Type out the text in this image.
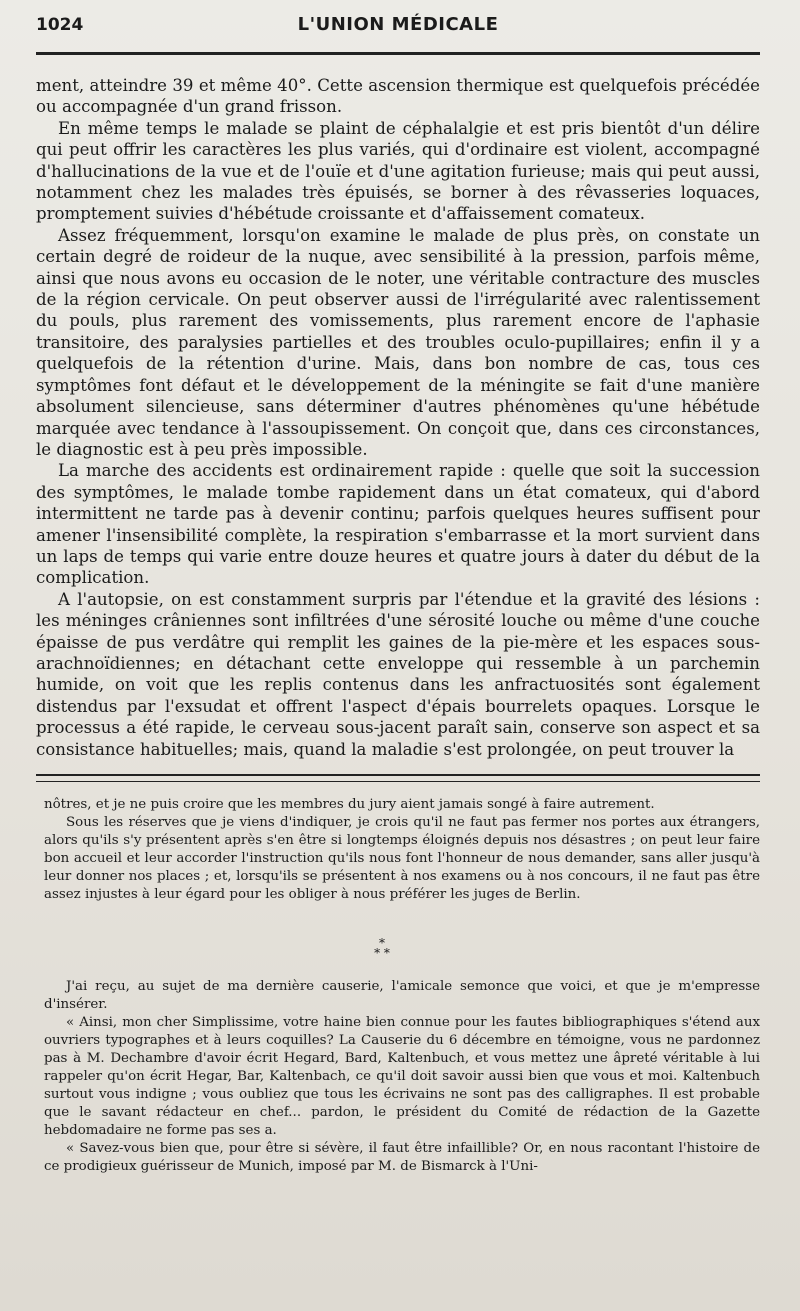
1024	L'UNION MÉDICALE

ment, atteindre 39 et même 40°. Cette ascension thermique est quelquefois précédée ou accompagnée d'un grand frisson.

En même temps le malade se plaint de céphalalgie et est pris bientôt d'un délire qui peut offrir les caractères les plus variés, qui d'ordinaire est violent, accompagné d'hallucinations de la vue et de l'ouïe et d'une agitation furieuse; mais qui peut aussi, notamment chez les malades très épuisés, se borner à des rêvasseries loquaces, promptement suivies d'hébétude croissante et d'affaissement comateux.

Assez fréquemment, lorsqu'on examine le malade de plus près, on constate un certain degré de roideur de la nuque, avec sensibilité à la pression, parfois même, ainsi que nous avons eu occasion de le noter, une véritable contracture des muscles de la région cervicale. On peut observer aussi de l'irrégularité avec ralentissement du pouls, plus rarement des vomissements, plus rarement encore de l'aphasie transitoire, des paralysies partielles et des troubles oculo-pupillaires; enfin il y a quelquefois de la rétention d'urine. Mais, dans bon nombre de cas, tous ces symptômes font défaut et le développement de la méningite se fait d'une manière absolument silencieuse, sans déterminer d'autres phénomènes qu'une hébétude marquée avec tendance à l'assoupissement. On conçoit que, dans ces circonstances, le diagnostic est à peu près impossible.

La marche des accidents est ordinairement rapide : quelle que soit la succession des symptômes, le malade tombe rapidement dans un état comateux, qui d'abord intermittent ne tarde pas à devenir continu; parfois quelques heures suffisent pour amener l'insensibilité complète, la respiration s'embarrasse et la mort survient dans un laps de temps qui varie entre douze heures et quatre jours à dater du début de la complication.

A l'autopsie, on est constamment surpris par l'étendue et la gravité des lésions : les méninges crâniennes sont infiltrées d'une sérosité louche ou même d'une couche épaisse de pus verdâtre qui remplit les gaines de la pie-mère et les espaces sous-arachnoïdiennes; en détachant cette enveloppe qui ressemble à un parchemin humide, on voit que les replis contenus dans les anfractuosités sont également distendus par l'exsudat et offrent l'aspect d'épais bourrelets opaques. Lorsque le processus a été rapide, le cerveau sous-jacent paraît sain, conserve son aspect et sa consistance habituelles; mais, quand la maladie s'est prolongée, on peut trouver la

nôtres, et je ne puis croire que les membres du jury aient jamais songé à faire autrement.

Sous les réserves que je viens d'indiquer, je crois qu'il ne faut pas fermer nos portes aux étrangers, alors qu'ils s'y présentent après s'en être si longtemps éloignés depuis nos désastres ; on peut leur faire bon accueil et leur accorder l'instruction qu'ils nous font l'honneur de nous demander, sans aller jusqu'à leur donner nos places ; et, lorsqu'ils se présentent à nos examens ou à nos concours, il ne faut pas être assez injustes à leur égard pour les obliger à nous préférer les juges de Berlin.

*
* *

J'ai reçu, au sujet de ma dernière causerie, l'amicale semonce que voici, et que je m'empresse d'insérer.

« Ainsi, mon cher Simplissime, votre haine bien connue pour les fautes bibliographiques s'étend aux ouvriers typographes et à leurs coquilles? La Causerie du 6 décembre en témoigne, vous ne pardonnez pas à M. Dechambre d'avoir écrit Hegard, Bard, Kaltenbuch, et vous mettez une âpreté véritable à lui rappeler qu'on écrit Hegar, Bar, Kaltenbach, ce qu'il doit savoir aussi bien que vous et moi. Kaltenbuch surtout vous indigne ; vous oubliez que tous les écrivains ne sont pas des calligraphes. Il est probable que le savant rédacteur en chef... pardon, le président du Comité de rédaction de la Gazette hebdomadaire ne forme pas ses a.

« Savez-vous bien que, pour être si sévère, il faut être infaillible? Or, en nous racontant l'histoire de ce prodigieux guérisseur de Munich, imposé par M. de Bismarck à l'Uni-
